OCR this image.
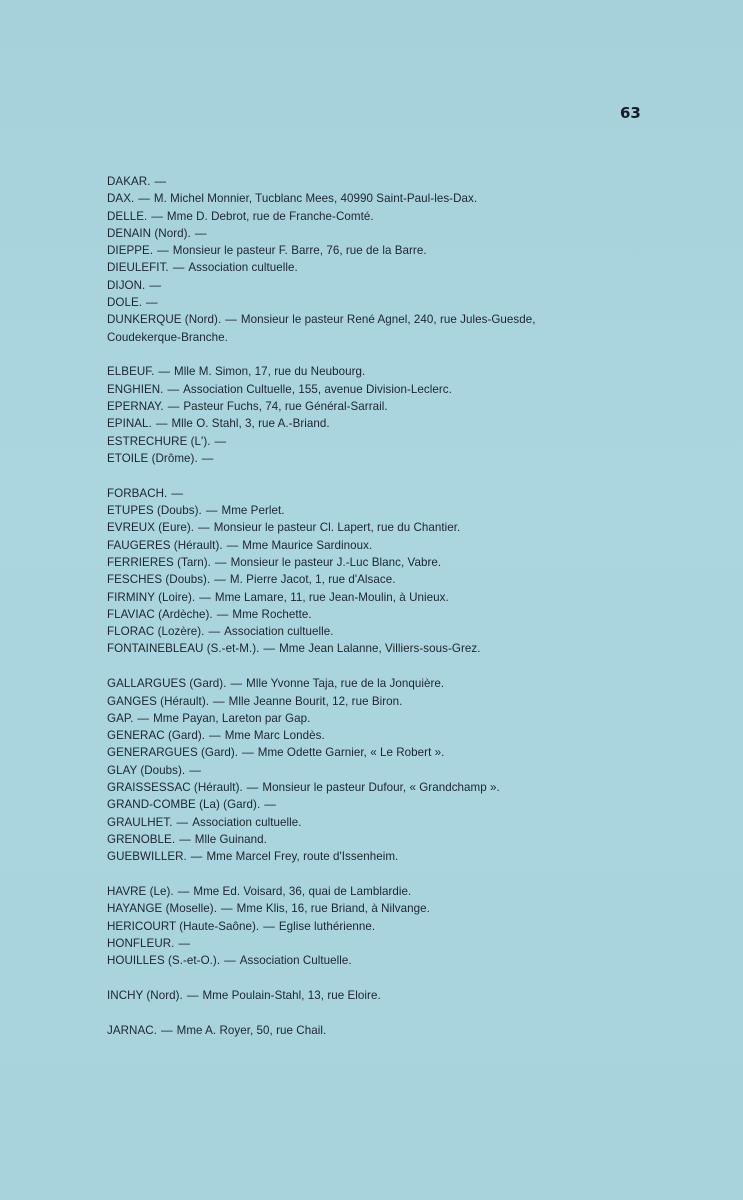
63
DAKAR. —
DAX. — M. Michel Monnier, Tucblanc Mees, 40990 Saint-Paul-les-Dax.
DELLE. — Mme D. Debrot, rue de Franche-Comté.
DENAIN (Nord). —
DIEPPE. — Monsieur le pasteur F. Barre, 76, rue de la Barre.
DIEULEFIT. — Association cultuelle.
DIJON. —
DOLE. —
DUNKERQUE (Nord). — Monsieur le pasteur René Agnel, 240, rue Jules-Guesde,
Coudekerque-Branche.
ELBEUF. — Mlle M. Simon, 17, rue du Neubourg.
ENGHIEN. — Association Cultuelle, 155, avenue Division-Leclerc.
EPERNAY. — Pasteur Fuchs, 74, rue Général-Sarrail.
EPINAL. — Mlle O. Stahl, 3, rue A.-Briand.
ESTRECHURE (L'). —
ETOILE (Drôme). —
FORBACH. —
ETUPES (Doubs). — Mme Perlet.
EVREUX (Eure). — Monsieur le pasteur Cl. Lapert, rue du Chantier.
FAUGERES (Hérault). — Mme Maurice Sardinoux.
FERRIERES (Tarn). — Monsieur le pasteur J.-Luc Blanc, Vabre.
FESCHES (Doubs). — M. Pierre Jacot, 1, rue d'Alsace.
FIRMINY (Loire). — Mme Lamare, 11, rue Jean-Moulin, à Unieux.
FLAVIAC (Ardèche). — Mme Rochette.
FLORAC (Lozère). — Association cultuelle.
FONTAINEBLEAU (S.-et-M.). — Mme Jean Lalanne, Villiers-sous-Grez.
GALLARGUES (Gard). — Mlle Yvonne Taja, rue de la Jonquière.
GANGES (Hérault). — Mlle Jeanne Bourit, 12, rue Biron.
GAP. — Mme Payan, Lareton par Gap.
GENERAC (Gard). — Mme Marc Londès.
GENERARGUES (Gard). — Mme Odette Garnier, « Le Robert ».
GLAY (Doubs). —
GRAISSESSAC (Hérault). — Monsieur le pasteur Dufour, « Grandchamp ».
GRAND-COMBE (La) (Gard). —
GRAULHET. — Association cultuelle.
GRENOBLE. — Mlle Guinand.
GUEBWILLER. — Mme Marcel Frey, route d'Issenheim.
HAVRE (Le). — Mme Ed. Voisard, 36, quai de Lamblardie.
HAYANGE (Moselle). — Mme Klis, 16, rue Briand, à Nilvange.
HERICOURT (Haute-Saône). — Eglise luthérienne.
HONFLEUR. —
HOUILLES (S.-et-O.). — Association Cultuelle.
INCHY (Nord). — Mme Poulain-Stahl, 13, rue Eloire.
JARNAC. — Mme A. Royer, 50, rue Chail.
